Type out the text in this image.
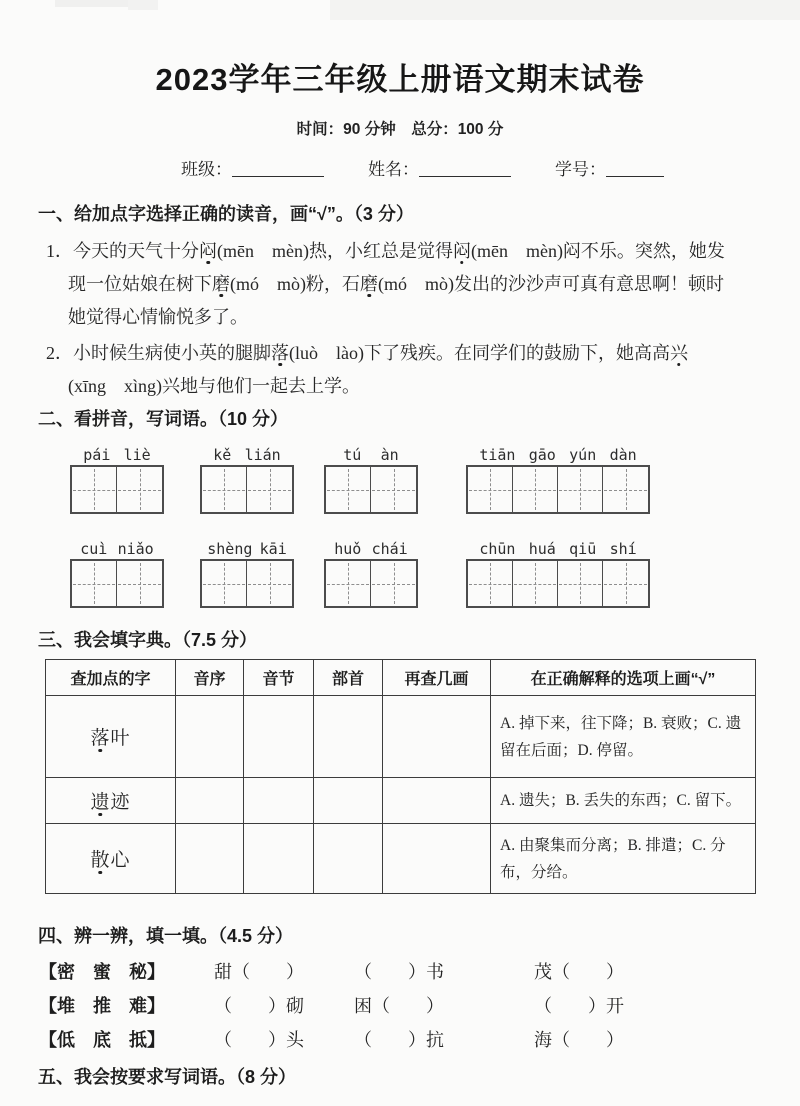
2023学年三年级上册语文期末试卷
时间：90 分钟　总分：100 分
班级：	姓名：	学号：
一、给加点字选择正确的读音，画“√”。（3 分）
1．今天的天气十分闷(mēn　mèn)热，小红总是觉得闷(mēn　mèn)闷不乐。突然，她发
现一位姑娘在树下磨(mó　mò)粉，石磨(mó　mò)发出的沙沙声可真有意思啊！顿时
她觉得心情愉悦多了。
2．小时候生病使小英的腿脚落(luò　lào)下了残疾。在同学们的鼓励下，她高高兴
(xīng　xìng)兴地与他们一起去上学。
二、看拼音，写词语。（10 分）
pái liè	kě lián	tú àn	tiān gāo yún dàn
cuì niǎo	shèng kāi	huǒ chái	chūn huá qiū shí
三、我会填字典。（7.5 分）
查加点的字	音序	音节	部首	再查几画	在正确解释的选项上画“√”
落叶					A. 掉下来，往下降；B. 衰败；C. 遗留在后面；D. 停留。
遗迹					A. 遗失；B. 丢失的东西；C. 留下。
散心					A. 由聚集而分离；B. 排遣；C. 分布，分给。
四、辨一辨，填一填。（4.5 分）
【密　蜜　秘】	甜（　　）	（　　）书	茂（　　）
【堆　推　难】	（　　）砌	困（　　）	（　　）开
【低　底　抵】	（　　）头	（　　）抗	海（　　）
五、我会按要求写词语。（8 分）
